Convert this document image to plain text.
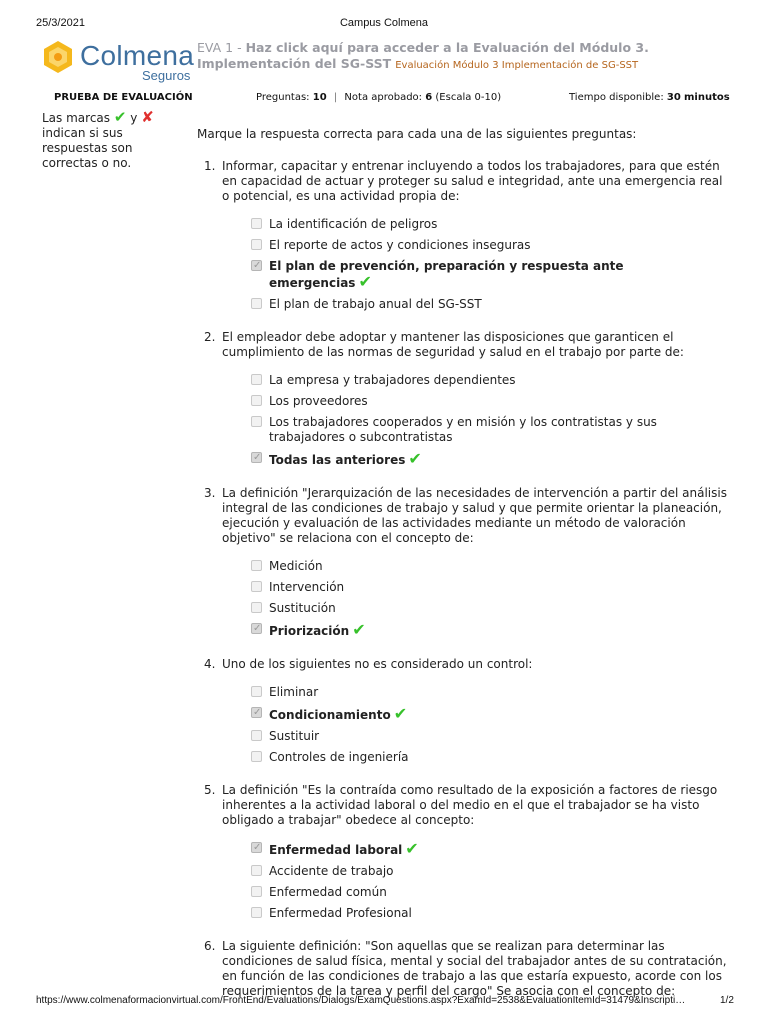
25/3/2021	Campus Colmena
Colmena
Seguros
EVA 1 - Haz click aquí para acceder a la Evaluación del Módulo 3. Implementación del SG-SST Evaluación Módulo 3 Implementación de SG-SST
PRUEBA DE EVALUACIÓN	Preguntas: 10 | Nota aprobado: 6 (Escala 0-10)	Tiempo disponible: 30 minutos
Las marcas ✔ y ✘ indican si sus respuestas son correctas o no.
Marque la respuesta correcta para cada una de las siguientes preguntas:
1. Informar, capacitar y entrenar incluyendo a todos los trabajadores, para que estén en capacidad de actuar y proteger su salud e integridad, ante una emergencia real o potencial, es una actividad propia de:
La identificación de peligros
El reporte de actos y condiciones inseguras
✓
El plan de prevención, preparación y respuesta ante emergencias ✔
El plan de trabajo anual del SG-SST
2. El empleador debe adoptar y mantener las disposiciones que garanticen el cumplimiento de las normas de seguridad y salud en el trabajo por parte de:
La empresa y trabajadores dependientes
Los proveedores
Los trabajadores cooperados y en misión y los contratistas y sus trabajadores o subcontratistas
✓
Todas las anteriores ✔
3. La definición "Jerarquización de las necesidades de intervención a partir del análisis integral de las condiciones de trabajo y salud y que permite orientar la planeación, ejecución y evaluación de las actividades mediante un método de valoración objetivo" se relaciona con el concepto de:
Medición
Intervención
Sustitución
✓
Priorización ✔
4. Uno de los siguientes no es considerado un control:
Eliminar
✓
Condicionamiento ✔
Sustituir
Controles de ingeniería
5. La definición "Es la contraída como resultado de la exposición a factores de riesgo inherentes a la actividad laboral o del medio en el que el trabajador se ha visto obligado a trabajar" obedece al concepto:
✓
Enfermedad laboral ✔
Accidente de trabajo
Enfermedad común
Enfermedad Profesional
6. La siguiente definición: "Son aquellas que se realizan para determinar las condiciones de salud física, mental y social del trabajador antes de su contratación, en función de las condiciones de trabajo a las que estaría expuesto, acorde con los requerimientos de la tarea y perfil del cargo" Se asocia con el concepto de:
https://www.colmenaformacionvirtual.com/FrontEnd/Evaluations/Dialogs/ExamQuestions.aspx?ExamId=2538&EvaluationItemId=31479&Inscripti…	1/2
